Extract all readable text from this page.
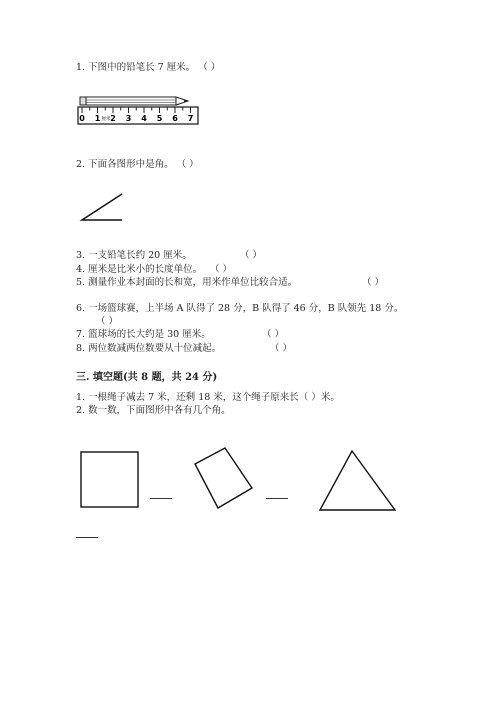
1. 下图中的铅笔长 7 厘米。 （ ）
0 1 2 3 4 5 6 7
厘米
2. 下面各图形中是角。 （ ）
3. 一支铅笔长约 20 厘米。	（ ）
4. 厘米是比米小的长度单位。 （ ）
5. 测量作业本封面的长和宽，用米作单位比较合适。	（ ）
6. 一场篮球赛，上半场 A 队得了 28 分，B 队得了 46 分，B 队领先 18 分。
（ ）
7. 篮球场的长大约是 30 厘米。	（ ）
8. 两位数减两位数要从十位减起。	（ ）
三. 填空题(共 8 题，共 24 分)
1. 一根绳子减去 7 米，还剩 18 米，这个绳子原来长（ ）米。
2. 数一数，下面图形中各有几个角。
